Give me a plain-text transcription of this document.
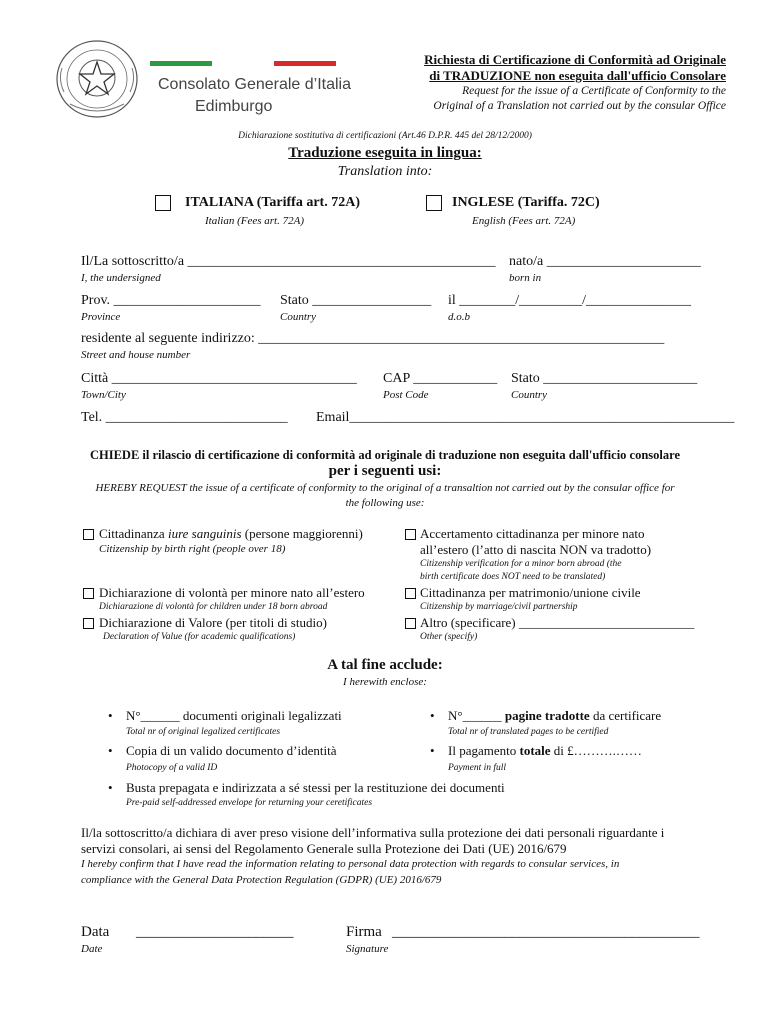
Consolato Generale d’Italia
Edimburgo
Richiesta di Certificazione di Conformità ad Originale
di TRADUZIONE non eseguita dall'ufficio Consolare
Request for the issue of a Certificate of Conformity to the
Original of a Translation not carried out by the consular Office
Dichiarazione sostitutiva di certificazioni (Art.46 D.P.R. 445 del 28/12/2000)
Traduzione eseguita in lingua:
Translation into:
ITALIANA (Tariffa art. 72A)
Italian (Fees art. 72A)
INGLESE (Tariffa. 72C)
English (Fees art. 72A)
Il/La sottoscritto/a ____________________________________________ nato/a ______________________
I, the undersigned	born in
Prov. _____________________ Stato _________________ il ________/_________/_______________
Province	Country	d.o.b
residente al seguente indirizzo: __________________________________________________________
Street and house number
Città ___________________________________ CAP ____________ Stato ______________________
Town/City	Post Code	Country
Tel. __________________________ Email_______________________________________________________
CHIEDE il rilascio di certificazione di conformità ad originale di traduzione non eseguita dall'ufficio consolare
per i seguenti usi:
HEREBY REQUEST the issue of a certificate of conformity to the original of a transaltion not carried out by the consular office for
the following use:
Cittadinanza iure sanguinis (persone maggiorenni)
Citizenship by birth right (people over 18)
Accertamento cittadinanza per minore nato
all’estero (l’atto di nascita NON va tradotto)
Citizenship verification for a minor born abroad (the
birth certificate does NOT need to be translated)
Dichiarazione di volontà per minore nato all’estero
Dichiarazione di volontà for children under 18 born abroad
Cittadinanza per matrimonio/unione civile
Citizenship by marriage/civil partnership
Dichiarazione di Valore (per titoli di studio)
Declaration of Value (for academic qualifications)
Altro (specificare) ___________________________
Other (specify)
A tal fine acclude:
I herewith enclose:
• N°______ documenti originali legalizzati
Total nr of original legalized certificates
• N°______ pagine tradotte da certificare
Total nr of translated pages to be certified
• Copia di un valido documento d’identità
Photocopy of a valid ID
• Il pagamento totale di £……….……
Payment in full
• Busta prepagata e indirizzata a sé stessi per la restituzione dei documenti
Pre-paid self-addressed envelope for returning your ceretificates
Il/la sottoscritto/a dichiara di aver preso visione dell’informativa sulla protezione dei dati personali riguardante i
servizi consolari, ai sensi del Regolamento Generale sulla Protezione dei Dati (UE) 2016/679
I hereby confirm that I have read the information relating to personal data protection with regards to consular services, in
compliance with the General Data Protection Regulation (GDPR) (UE) 2016/679
Data _____________________
Date
Firma _________________________________________
Signature
